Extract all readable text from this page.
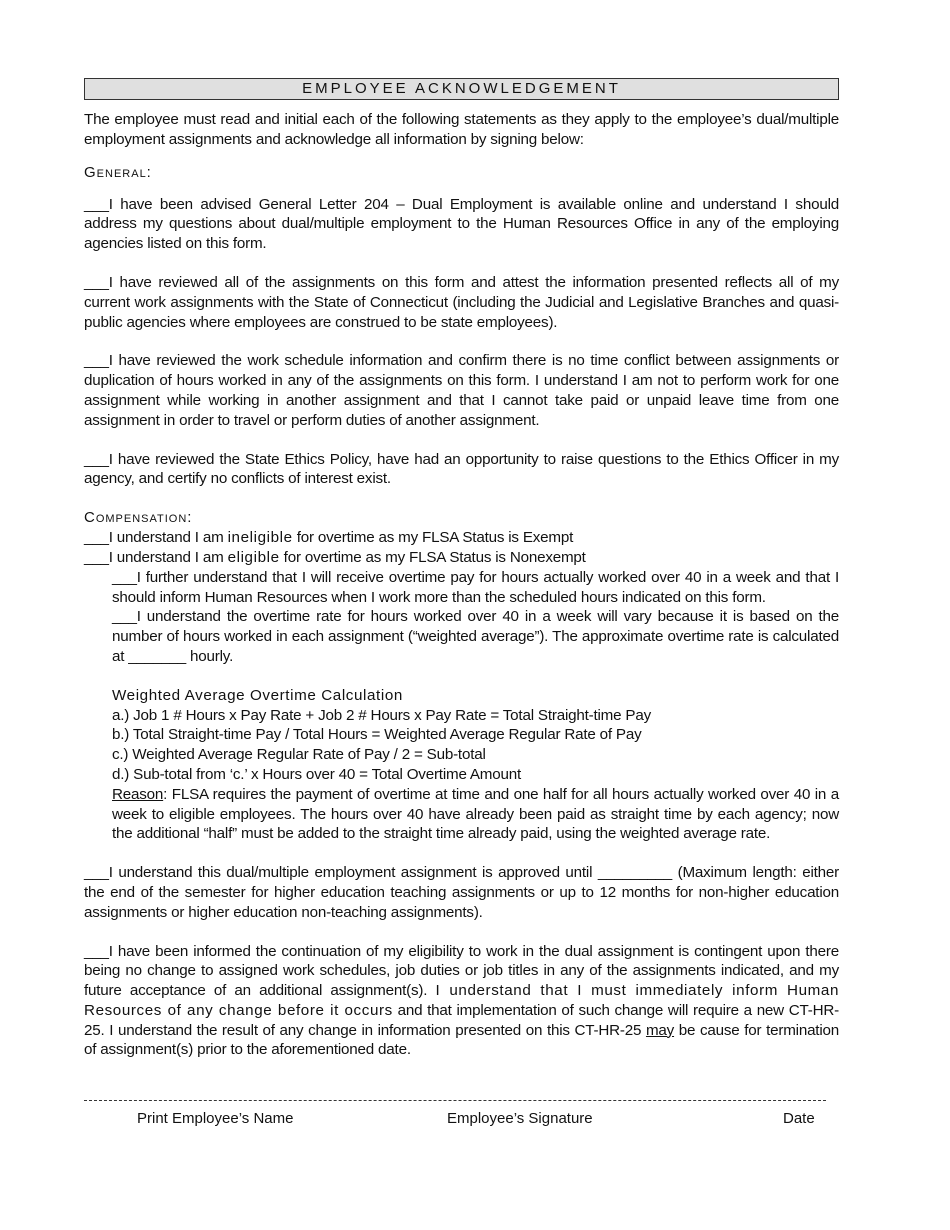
EMPLOYEE ACKNOWLEDGEMENT

The employee must read and initial each of the following statements as they apply to the employee’s dual/multiple employment assignments and acknowledge all information by signing below:

General:

___I have been advised General Letter 204 – Dual Employment is available online and understand I should address my questions about dual/multiple employment to the Human Resources Office in any of the employing agencies listed on this form.

___I have reviewed all of the assignments on this form and attest the information presented reflects all of my current work assignments with the State of Connecticut (including the Judicial and Legislative Branches and quasi-public agencies where employees are construed to be state employees).

___I have reviewed the work schedule information and confirm there is no time conflict between assignments or duplication of hours worked in any of the assignments on this form. I understand I am not to perform work for one assignment while working in another assignment and that I cannot take paid or unpaid leave time from one assignment in order to travel or perform duties of another assignment.

___I have reviewed the State Ethics Policy, have had an opportunity to raise questions to the Ethics Officer in my agency, and certify no conflicts of interest exist.

Compensation:

___I understand I am ineligible for overtime as my FLSA Status is Exempt

___I understand I am eligible for overtime as my FLSA Status is Nonexempt

___I further understand that I will receive overtime pay for hours actually worked over 40 in a week and that I should inform Human Resources when I work more than the scheduled hours indicated on this form.

___I understand the overtime rate for hours worked over 40 in a week will vary because it is based on the number of hours worked in each assignment (“weighted average”). The approximate overtime rate is calculated at _______ hourly.

Weighted Average Overtime Calculation

a.) Job 1 # Hours x Pay Rate + Job 2 # Hours x Pay Rate = Total Straight-time Pay

b.) Total Straight-time Pay / Total Hours = Weighted Average Regular Rate of Pay

c.) Weighted Average Regular Rate of Pay / 2 = Sub-total

d.) Sub-total from ‘c.’ x Hours over 40 = Total Overtime Amount

Reason: FLSA requires the payment of overtime at time and one half for all hours actually worked over 40 in a week to eligible employees. The hours over 40 have already been paid as straight time by each agency; now the additional “half” must be added to the straight time already paid, using the weighted average rate.

___I understand this dual/multiple employment assignment is approved until _________ (Maximum length: either the end of the semester for higher education teaching assignments or up to 12 months for non-higher education assignments or higher education non-teaching assignments).

___I have been informed the continuation of my eligibility to work in the dual assignment is contingent upon there being no change to assigned work schedules, job duties or job titles in any of the assignments indicated, and my future acceptance of an additional assignment(s). I understand that I must immediately inform Human Resources of any change before it occurs and that implementation of such change will require a new CT-HR-25. I understand the result of any change in information presented on this CT-HR-25 may be cause for termination of assignment(s) prior to the aforementioned date.

Print Employee’s Name	Employee’s Signature	Date
